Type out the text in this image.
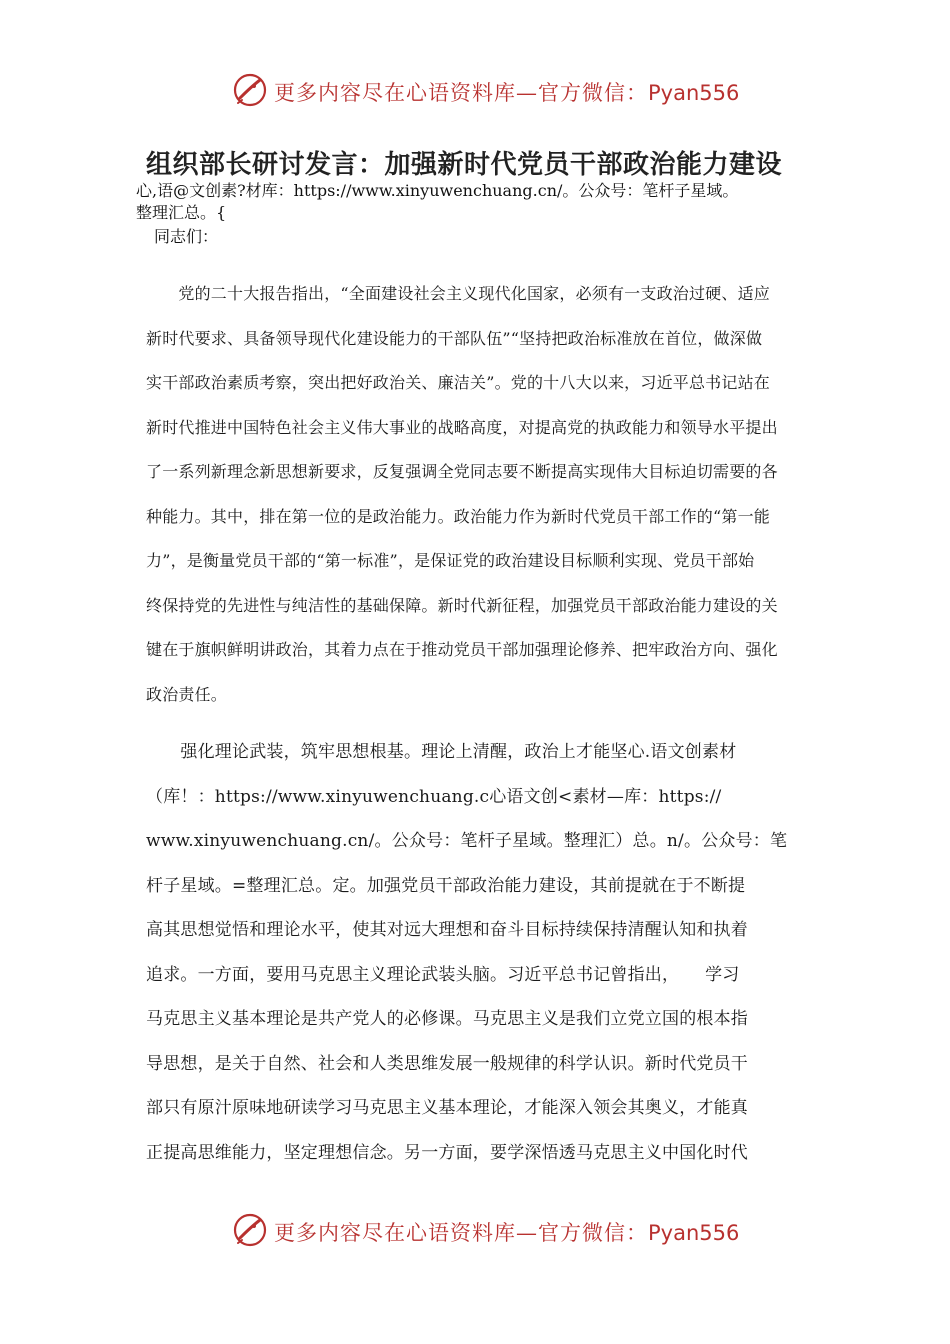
更多内容尽在心语资料库—官方微信：Pyan556
组织部长研讨发言：加强新时代党员干部政治能力建设
心,语@文创素?材库：https://www.xinyuwenchuang.cn/。公众号：笔杆子星域。
整理汇总。{
同志们：
　　党的二十大报告指出，“全面建设社会主义现代化国家，必须有一支政治过硬、适应
新时代要求、具备领导现代化建设能力的干部队伍”“坚持把政治标准放在首位，做深做
实干部政治素质考察，突出把好政治关、廉洁关”。党的十八大以来，习近平总书记站在
新时代推进中国特色社会主义伟大事业的战略高度，对提高党的执政能力和领导水平提出
了一系列新理念新思想新要求，反复强调全党同志要不断提高实现伟大目标迫切需要的各
种能力。其中，排在第一位的是政治能力。政治能力作为新时代党员干部工作的“第一能
力”，是衡量党员干部的“第一标准”，是保证党的政治建设目标顺利实现、党员干部始
终保持党的先进性与纯洁性的基础保障。新时代新征程，加强党员干部政治能力建设的关
键在于旗帜鲜明讲政治，其着力点在于推动党员干部加强理论修养、把牢政治方向、强化
政治责任。
　　强化理论武装，筑牢思想根基。理论上清醒，政治上才能坚心.语文创素材
（库！：https://www.xinyuwenchuang.c心语文创<素材—库：https://
www.xinyuwenchuang.cn/。公众号：笔杆子星域。整理汇）总。n/。公众号：笔
杆子星域。=整理汇总。定。加强党员干部政治能力建设，其前提就在于不断提
高其思想觉悟和理论水平，使其对远大理想和奋斗目标持续保持清醒认知和执着
追求。一方面，要用马克思主义理论武装头脑。习近平总书记曾指出，　　学习
马克思主义基本理论是共产党人的必修课。马克思主义是我们立党立国的根本指
导思想，是关于自然、社会和人类思维发展一般规律的科学认识。新时代党员干
部只有原汁原味地研读学习马克思主义基本理论，才能深入领会其奥义，才能真
正提高思维能力，坚定理想信念。另一方面，要学深悟透马克思主义中国化时代
更多内容尽在心语资料库—官方微信：Pyan556
